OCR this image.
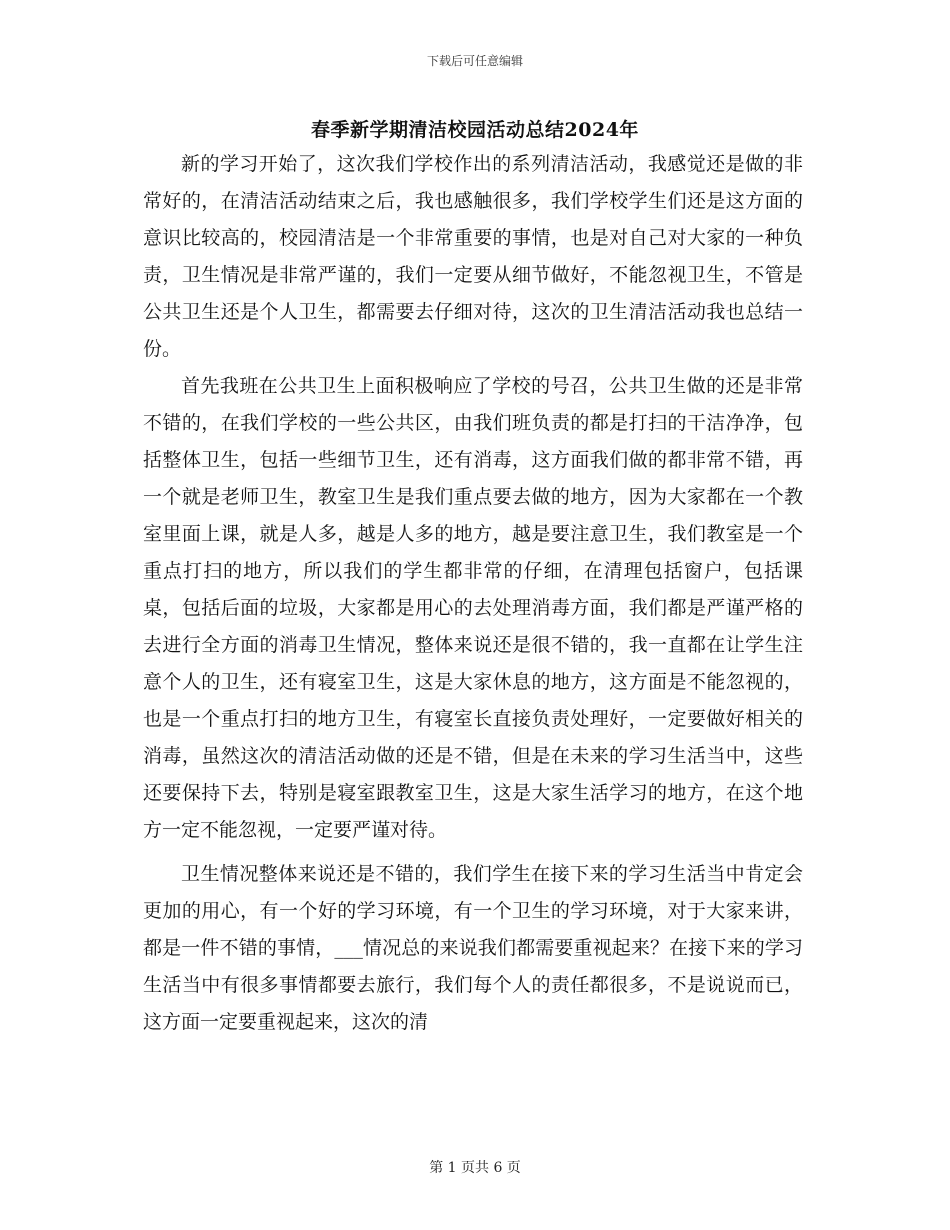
下载后可任意编辑
春季新学期清洁校园活动总结2024年

新的学习开始了，这次我们学校作出的系列清洁活动，我感觉还是做的非常好的，在清洁活动结束之后，我也感触很多，我们学校学生们还是这方面的意识比较高的，校园清洁是一个非常重要的事情，也是对自己对大家的一种负责，卫生情况是非常严谨的，我们一定要从细节做好，不能忽视卫生，不管是公共卫生还是个人卫生，都需要去仔细对待，这次的卫生清洁活动我也总结一份。

首先我班在公共卫生上面积极响应了学校的号召，公共卫生做的还是非常不错的，在我们学校的一些公共区，由我们班负责的都是打扫的干洁净净，包括整体卫生，包括一些细节卫生，还有消毒，这方面我们做的都非常不错，再一个就是老师卫生，教室卫生是我们重点要去做的地方，因为大家都在一个教室里面上课，就是人多，越是人多的地方，越是要注意卫生，我们教室是一个重点打扫的地方，所以我们的学生都非常的仔细，在清理包括窗户，包括课桌，包括后面的垃圾，大家都是用心的去处理消毒方面，我们都是严谨严格的去进行全方面的消毒卫生情况，整体来说还是很不错的，我一直都在让学生注意个人的卫生，还有寝室卫生，这是大家休息的地方，这方面是不能忽视的，也是一个重点打扫的地方卫生，有寝室长直接负责处理好，一定要做好相关的消毒，虽然这次的清洁活动做的还是不错，但是在未来的学习生活当中，这些还要保持下去，特别是寝室跟教室卫生，这是大家生活学习的地方，在这个地方一定不能忽视，一定要严谨对待。

卫生情况整体来说还是不错的，我们学生在接下来的学习生活当中肯定会更加的用心，有一个好的学习环境，有一个卫生的学习环境，对于大家来讲，都是一件不错的事情，___情况总的来说我们都需要重视起来？在接下来的学习生活当中有很多事情都要去旅行，我们每个人的责任都很多，不是说说而已，这方面一定要重视起来，这次的清

第 1 页共 6 页
